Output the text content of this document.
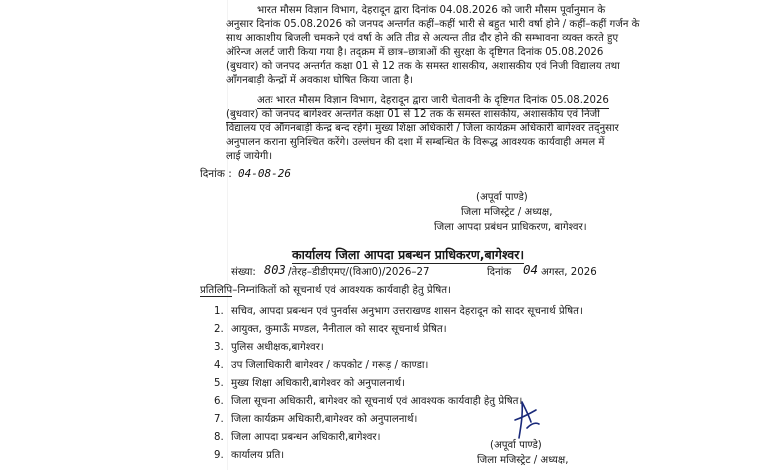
भारत मौसम विज्ञान विभाग, देहरादून द्वारा दिनांक 04.08.2026 को जारी मौसम पूर्वानुमान के
अनुसार दिनांक 05.08.2026 को जनपद अन्तर्गत कहीं–कहीं भारी से बहुत भारी वर्षा होने / कहीं–कहीं गर्जन के
साथ आकाशीय बिजली चमकने एवं वर्षा के अति तीव्र से अत्यन्त तीव्र दौर होने की सम्भावना व्यक्त करते हुए
ऑरेन्ज अलर्ट जारी किया गया है। तद्क्रम में छात्र–छात्राओं की सुरक्षा के दृष्टिगत दिनांक 05.08.2026
(बुधवार) को जनपद अन्तर्गत कक्षा 01 से 12 तक के समस्त शासकीय, अशासकीय एवं निजी विद्यालय तथा
ऑंगनबाड़ी केन्द्रों में अवकाश घोषित किया जाता है।
अतः भारत मौसम विज्ञान विभाग, देहरादून द्वारा जारी चेतावनी के दृष्टिगत दिनांक 05.08.2026
(बुधवार) को जनपद बागेश्वर अन्तर्गत कक्षा 01 से 12 तक के समस्त शासकीय, अशासकीय एवं निजी
विद्यालय एवं ऑगनबाड़ी केन्द्र बन्द रहेंगे। मुख्य शिक्षा अधिकारी / जिला कार्यक्रम अधिकारी बागेश्वर तद्नुसार
अनुपालन कराना सुनिश्चित करेंगे। उल्लंघन की दशा में सम्बन्धित के विरूद्ध आवश्यक कार्यवाही अमल में
लाई जायेगी।
दिनांक : 04-08-26
(अपूर्वा पाण्डे)
जिला मजिस्ट्रेट / अध्यक्ष,
जिला आपदा प्रबंधन प्राधिकरण, बागेश्वर।
कार्यालय जिला आपदा प्रबन्धन प्राधिकरण,बागेश्वर।
संख्या: 803 /तेरह–डीडीएमए/(विआ0)/2026–27	दिनांक 04 अगस्त, 2026
प्रतिलिपि–निम्नांकितों को सूचनार्थ एवं आवश्यक कार्यवाही हेतु प्रेषित।
1. सचिव, आपदा प्रबन्धन एवं पुनर्वास अनुभाग उत्तराखण्ड शासन देहरादून को सादर सूचनार्थ प्रेषित।
2. आयुक्त, कुमाऊँ मण्डल, नैनीताल को सादर सूचनार्थ प्रेषित।
3. पुलिस अधीक्षक,बागेश्वर।
4. उप जिलाधिकारी बागेश्वर / कपकोट / गरूड़ / काण्डा।
5. मुख्य शिक्षा अधिकारी,बागेश्वर को अनुपालनार्थ।
6. जिला सूचना अधिकारी, बागेश्वर को सूचनार्थ एवं आवश्यक कार्यवाही हेतु प्रेषित।
7. जिला कार्यक्रम अधिकारी,बागेश्वर को अनुपालनार्थ।
8. जिला आपदा प्रबन्धन अधिकारी,बागेश्वर।
9. कार्यालय प्रति।
(अपूर्वा पाण्डे)
जिला मजिस्ट्रेट / अध्यक्ष,
